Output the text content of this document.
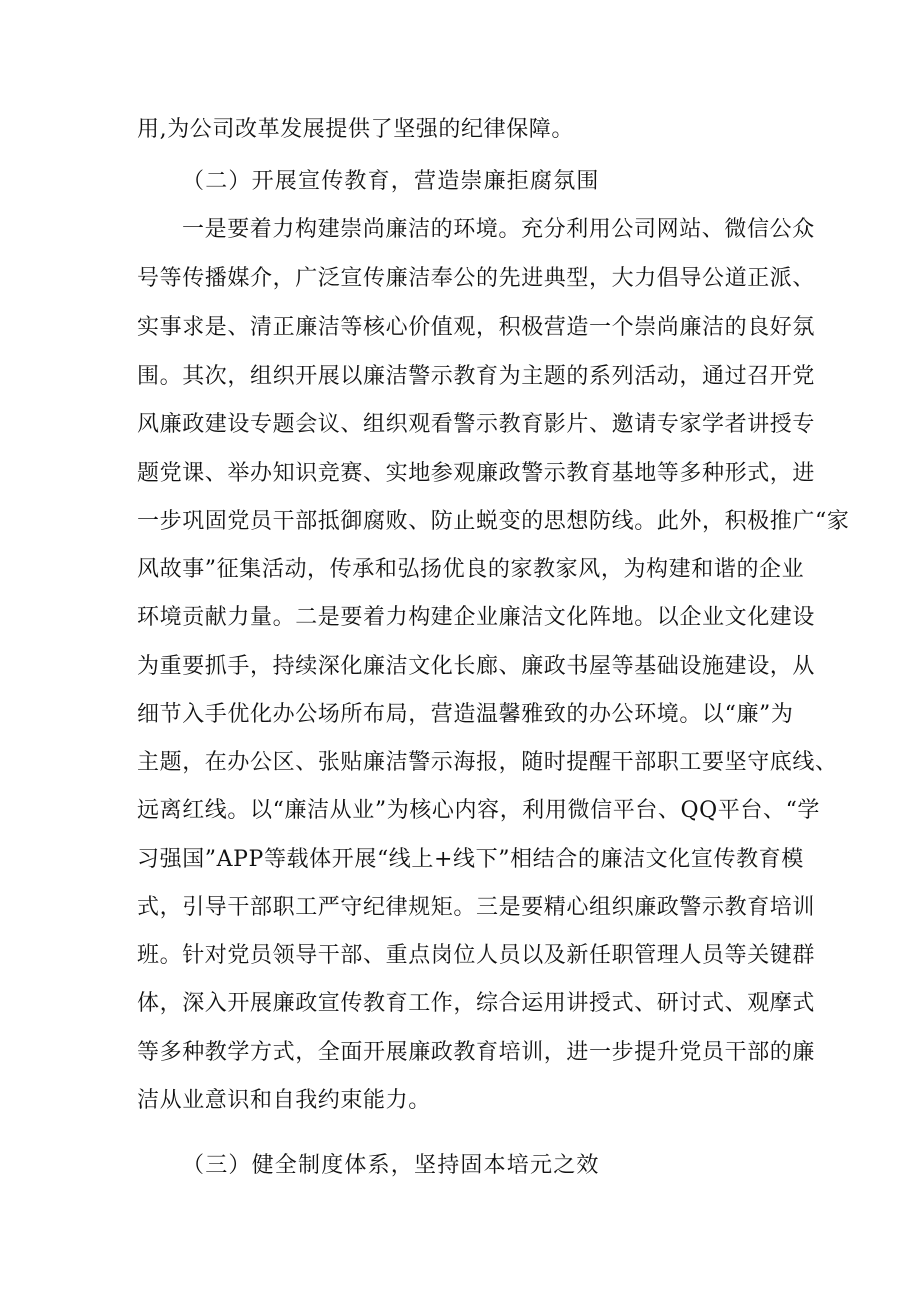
用,为公司改革发展提供了坚强的纪律保障。
（二）开展宣传教育，营造崇廉拒腐氛围
一是要着力构建崇尚廉洁的环境。充分利用公司网站、微信公众
号等传播媒介，广泛宣传廉洁奉公的先进典型，大力倡导公道正派、
实事求是、清正廉洁等核心价值观，积极营造一个崇尚廉洁的良好氛
围。其次，组织开展以廉洁警示教育为主题的系列活动，通过召开党
风廉政建设专题会议、组织观看警示教育影片、邀请专家学者讲授专
题党课、举办知识竞赛、实地参观廉政警示教育基地等多种形式，进
一步巩固党员干部抵御腐败、防止蜕变的思想防线。此外，积极推广“家
风故事”征集活动，传承和弘扬优良的家教家风，为构建和谐的企业
环境贡献力量。二是要着力构建企业廉洁文化阵地。以企业文化建设
为重要抓手，持续深化廉洁文化长廊、廉政书屋等基础设施建设，从
细节入手优化办公场所布局，营造温馨雅致的办公环境。以“廉”为
主题，在办公区、张贴廉洁警示海报，随时提醒干部职工要坚守底线、
远离红线。以“廉洁从业”为核心内容，利用微信平台、QQ平台、“学
习强国”APP等载体开展“线上+线下”相结合的廉洁文化宣传教育模
式，引导干部职工严守纪律规矩。三是要精心组织廉政警示教育培训
班。针对党员领导干部、重点岗位人员以及新任职管理人员等关键群
体，深入开展廉政宣传教育工作，综合运用讲授式、研讨式、观摩式
等多种教学方式，全面开展廉政教育培训，进一步提升党员干部的廉
洁从业意识和自我约束能力。
（三）健全制度体系，坚持固本培元之效
